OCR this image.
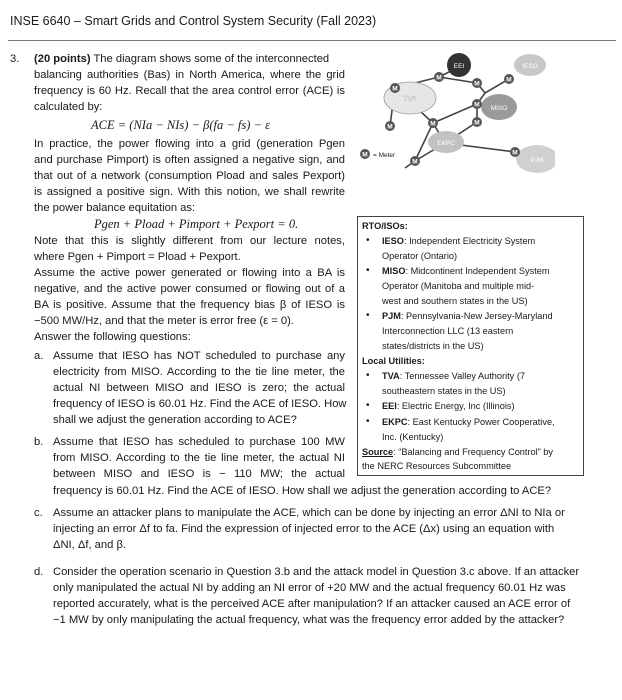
INSE 6640 – Smart Grids and Control System Security (Fall 2023)
3. (20 points) The diagram shows some of the interconnected
balancing authorities (Bas) in North America, where the grid
frequency is 60 Hz. Recall that the area control error (ACE) is
calculated by:
ACE = (NIa − NIs) − β(fa − fs) − ε
In practice, the power flowing into a grid (generation Pgen
and purchase Pimport) is often assigned a negative sign, and
that out of a network (consumption Pload and sales Pexport)
is assigned a positive sign. With this notion, we shall rewrite
the power balance equitation as:
Pgen + Pload + Pimport + Pexport = 0.
Note that this is slightly different from our lecture notes,
where Pgen + Pimport = Pload + Pexport.
Assume the active power generated or flowing into a BA is
negative, and the active power consumed or flowing out of a
BA is positive. Assume that the frequency bias β of IESO is
−500 MW/Hz, and that the meter is error free (ε = 0).
Answer the following questions:
a. Assume that IESO has NOT scheduled to purchase any
electricity from MISO. According to the tie line meter, the
actual NI between MISO and IESO is zero; the actual
frequency of IESO is 60.01 Hz. Find the ACE of IESO. How
shall we adjust the generation according to ACE?
b. Assume that IESO has scheduled to purchase 100 MW
from MISO. According to the tie line meter, the actual NI
between MISO and IESO is − 110 MW; the actual
frequency is 60.01 Hz. Find the ACE of IESO. How shall we adjust the generation according to ACE?
c. Assume an attacker plans to manipulate the ACE, which can be done by injecting an error ΔNI to NIa or
injecting an error Δf to fa. Find the expression of injected error to the ACE (Δx) using an equation with
ΔNI, Δf, and β.
d. Consider the operation scenario in Question 3.b and the attack model in Question 3.c above. If an attacker
only manipulated the actual NI by adding an NI error of +20 MW and the actual frequency 60.01 Hz was
reported accurately, what is the perceived ACE after manipulation? If an attacker caused an ACE error of
−1 MW by only manipulating the actual frequency, what was the frequency error added by the attacker?
EEI	IESO
TVA
MISO
EKPC
PJM
M
M
M
M
M
M
M
M
M
M
M = Meter
RTO/ISOs:
• IESO: Independent Electricity System
Operator (Ontario)
• MISO: Midcontinent Independent System
Operator (Manitoba and multiple mid-
west and southern states in the US)
• PJM: Pennsylvania-New Jersey-Maryland
Interconnection LLC (13 eastern
states/districts in the US)
Local Utilities:
• TVA: Tennessee Valley Authority (7
southeastern states in the US)
• EEI: Electric Energy, Inc (Illinois)
• EKPC: East Kentucky Power Cooperative,
Inc. (Kentucky)
Source: “Balancing and Frequency Control” by
the NERC Resources Subcommittee
